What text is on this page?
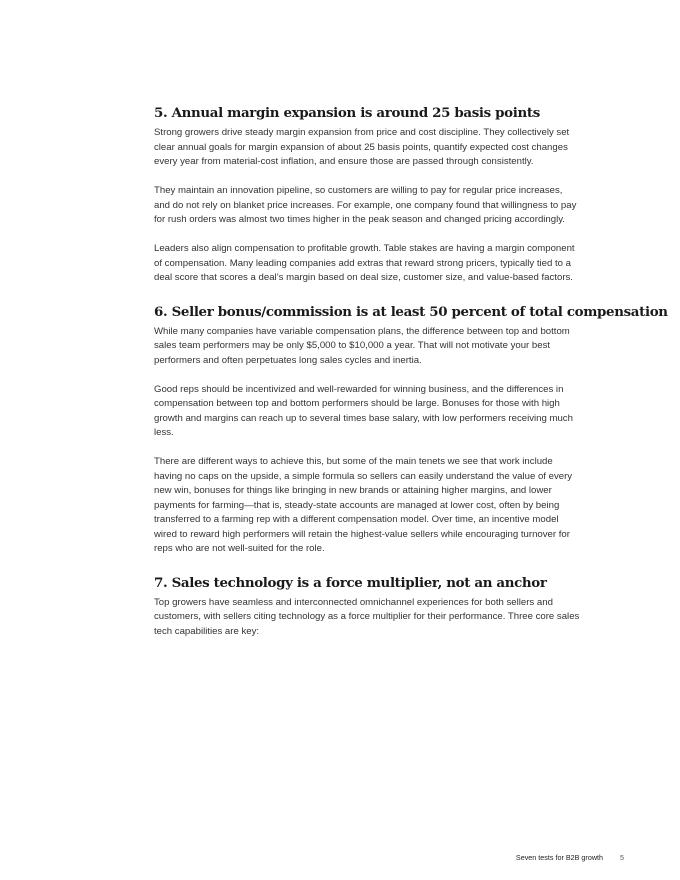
5. Annual margin expansion is around 25 basis points

Strong growers drive steady margin expansion from price and cost discipline. They collectively set clear annual goals for margin expansion of about 25 basis points, quantify expected cost changes every year from material-cost inflation, and ensure those are passed through consistently.

They maintain an innovation pipeline, so customers are willing to pay for regular price increases, and do not rely on blanket price increases. For example, one company found that willingness to pay for rush orders was almost two times higher in the peak season and changed pricing accordingly.

Leaders also align compensation to profitable growth. Table stakes are having a margin component of compensation. Many leading companies add extras that reward strong pricers, typically tied to a deal score that scores a deal’s margin based on deal size, customer size, and value-based factors.

6. Seller bonus/commission is at least 50 percent of total compensation

While many companies have variable compensation plans, the difference between top and bottom sales team performers may be only $5,000 to $10,000 a year. That will not motivate your best performers and often perpetuates long sales cycles and inertia.

Good reps should be incentivized and well-rewarded for winning business, and the differences in compensation between top and bottom performers should be large. Bonuses for those with high growth and margins can reach up to several times base salary, with low performers receiving much less.

There are different ways to achieve this, but some of the main tenets we see that work include having no caps on the upside, a simple formula so sellers can easily understand the value of every new win, bonuses for things like bringing in new brands or attaining higher margins, and lower payments for farming—that is, steady-state accounts are managed at lower cost, often by being transferred to a farming rep with a different compensation model. Over time, an incentive model wired to reward high performers will retain the highest-value sellers while encouraging turnover for reps who are not well-suited for the role.

7. Sales technology is a force multiplier, not an anchor

Top growers have seamless and interconnected omnichannel experiences for both sellers and customers, with sellers citing technology as a force multiplier for their performance. Three core sales tech capabilities are key:

Seven tests for B2B growth 5
